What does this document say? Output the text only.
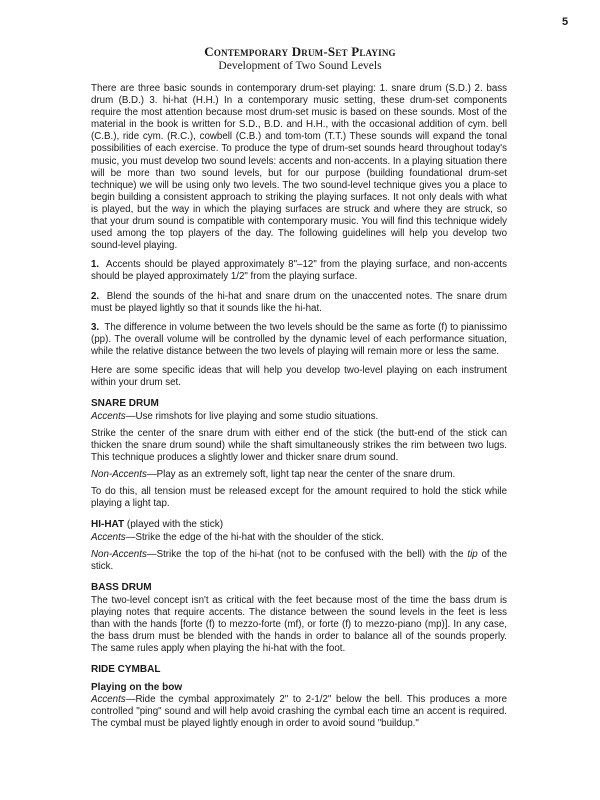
5
Contemporary Drum-Set Playing
Development of Two Sound Levels

There are three basic sounds in contemporary drum-set playing: 1. snare drum (S.D.) 2. bass drum (B.D.) 3. hi-hat (H.H.) In a contemporary music setting, these drum-set components require the most attention because most drum-set music is based on these sounds. Most of the material in the book is written for S.D., B.D. and H.H., with the occasional addition of cym. bell (C.B.), ride cym. (R.C.), cowbell (C.B.) and tom-tom (T.T.) These sounds will expand the tonal possibilities of each exercise. To produce the type of drum-set sounds heard throughout today's music, you must develop two sound levels: accents and non-accents. In a playing situation there will be more than two sound levels, but for our purpose (building foundational drum-set technique) we will be using only two levels. The two sound-level technique gives you a place to begin building a consistent approach to striking the playing surfaces. It not only deals with what is played, but the way in which the playing surfaces are struck and where they are struck, so that your drum sound is compatible with contemporary music. You will find this technique widely used among the top players of the day. The following guidelines will help you develop two sound-level playing.

1. Accents should be played approximately 8"–12" from the playing surface, and non-accents should be played approximately 1/2" from the playing surface.

2. Blend the sounds of the hi-hat and snare drum on the unaccented notes. The snare drum must be played lightly so that it sounds like the hi-hat.

3. The difference in volume between the two levels should be the same as forte (f) to pianissimo (pp). The overall volume will be controlled by the dynamic level of each performance situation, while the relative distance between the two levels of playing will remain more or less the same.

Here are some specific ideas that will help you develop two-level playing on each instrument within your drum set.

SNARE DRUM

Accents—Use rimshots for live playing and some studio situations.

Strike the center of the snare drum with either end of the stick (the butt-end of the stick can thicken the snare drum sound) while the shaft simultaneously strikes the rim between two lugs. This technique produces a slightly lower and thicker snare drum sound.

Non-Accents—Play as an extremely soft, light tap near the center of the snare drum.

To do this, all tension must be released except for the amount required to hold the stick while playing a light tap.

HI-HAT (played with the stick)

Accents—Strike the edge of the hi-hat with the shoulder of the stick.

Non-Accents—Strike the top of the hi-hat (not to be confused with the bell) with the tip of the stick.

BASS DRUM

The two-level concept isn't as critical with the feet because most of the time the bass drum is playing notes that require accents. The distance between the sound levels in the feet is less than with the hands [forte (f) to mezzo-forte (mf), or forte (f) to mezzo-piano (mp)]. In any case, the bass drum must be blended with the hands in order to balance all of the sounds properly. The same rules apply when playing the hi-hat with the foot.

RIDE CYMBAL
Playing on the bow

Accents—Ride the cymbal approximately 2" to 2-1/2" below the bell. This produces a more controlled "ping" sound and will help avoid crashing the cymbal each time an accent is required. The cymbal must be played lightly enough in order to avoid sound "buildup."
